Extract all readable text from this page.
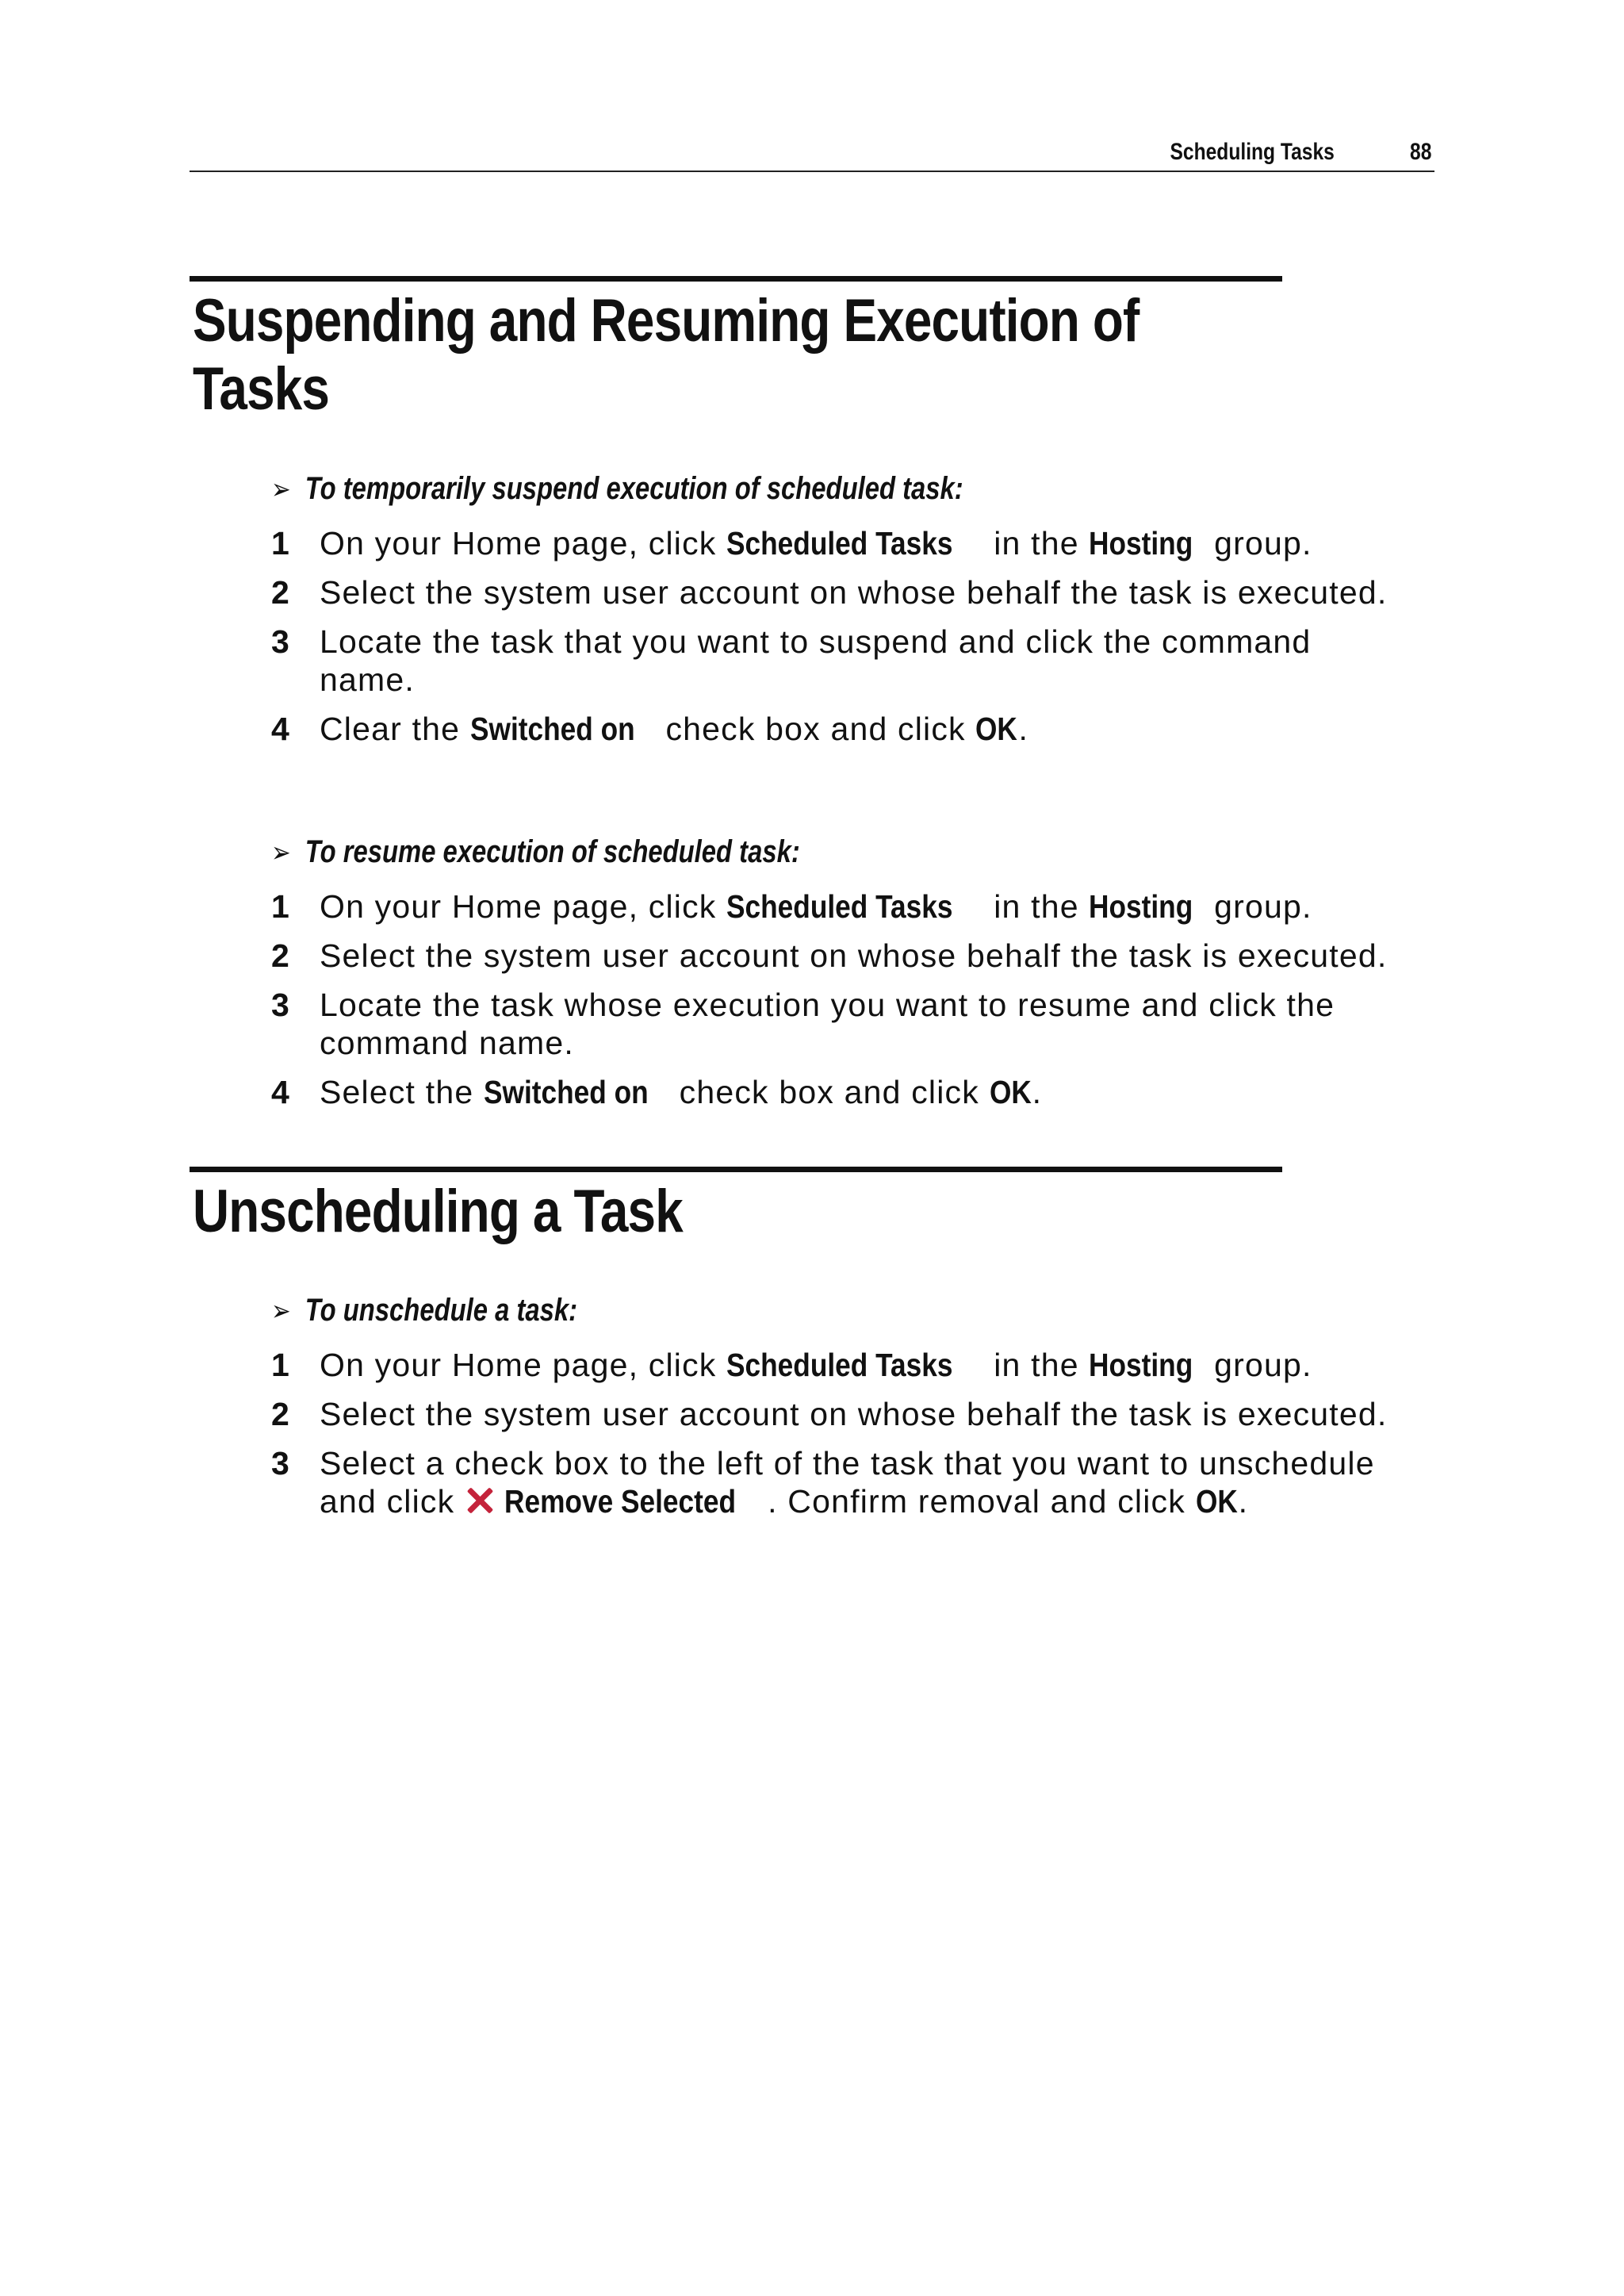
Scheduling Tasks	88
Suspending and Resuming Execution of Tasks
➢ To temporarily suspend execution of scheduled task:
1 On your Home page, click Scheduled Tasks in the Hosting group.
2 Select the system user account on whose behalf the task is executed.
3 Locate the task that you want to suspend and click the command name.
4 Clear the Switched on check box and click OK.
➢ To resume execution of scheduled task:
1 On your Home page, click Scheduled Tasks in the Hosting group.
2 Select the system user account on whose behalf the task is executed.
3 Locate the task whose execution you want to resume and click the command name.
4 Select the Switched on check box and click OK.
Unscheduling a Task
➢ To unschedule a task:
1 On your Home page, click Scheduled Tasks in the Hosting group.
2 Select the system user account on whose behalf the task is executed.
3 Select a check box to the left of the task that you want to unschedule and click Remove Selected . Confirm removal and click OK.
